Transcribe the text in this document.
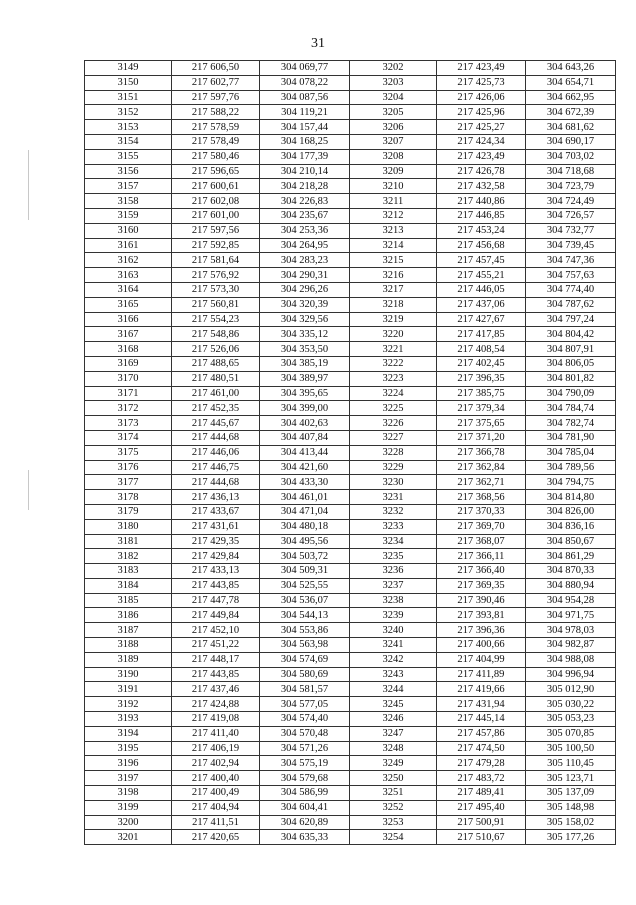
31
3149	217 606,50	304 069,77	3202	217 423,49	304 643,26
3150	217 602,77	304 078,22	3203	217 425,73	304 654,71
3151	217 597,76	304 087,56	3204	217 426,06	304 662,95
3152	217 588,22	304 119,21	3205	217 425,96	304 672,39
3153	217 578,59	304 157,44	3206	217 425,27	304 681,62
3154	217 578,49	304 168,25	3207	217 424,34	304 690,17
3155	217 580,46	304 177,39	3208	217 423,49	304 703,02
3156	217 596,65	304 210,14	3209	217 426,78	304 718,68
3157	217 600,61	304 218,28	3210	217 432,58	304 723,79
3158	217 602,08	304 226,83	3211	217 440,86	304 724,49
3159	217 601,00	304 235,67	3212	217 446,85	304 726,57
3160	217 597,56	304 253,36	3213	217 453,24	304 732,77
3161	217 592,85	304 264,95	3214	217 456,68	304 739,45
3162	217 581,64	304 283,23	3215	217 457,45	304 747,36
3163	217 576,92	304 290,31	3216	217 455,21	304 757,63
3164	217 573,30	304 296,26	3217	217 446,05	304 774,40
3165	217 560,81	304 320,39	3218	217 437,06	304 787,62
3166	217 554,23	304 329,56	3219	217 427,67	304 797,24
3167	217 548,86	304 335,12	3220	217 417,85	304 804,42
3168	217 526,06	304 353,50	3221	217 408,54	304 807,91
3169	217 488,65	304 385,19	3222	217 402,45	304 806,05
3170	217 480,51	304 389,97	3223	217 396,35	304 801,82
3171	217 461,00	304 395,65	3224	217 385,75	304 790,09
3172	217 452,35	304 399,00	3225	217 379,34	304 784,74
3173	217 445,67	304 402,63	3226	217 375,65	304 782,74
3174	217 444,68	304 407,84	3227	217 371,20	304 781,90
3175	217 446,06	304 413,44	3228	217 366,78	304 785,04
3176	217 446,75	304 421,60	3229	217 362,84	304 789,56
3177	217 444,68	304 433,30	3230	217 362,71	304 794,75
3178	217 436,13	304 461,01	3231	217 368,56	304 814,80
3179	217 433,67	304 471,04	3232	217 370,33	304 826,00
3180	217 431,61	304 480,18	3233	217 369,70	304 836,16
3181	217 429,35	304 495,56	3234	217 368,07	304 850,67
3182	217 429,84	304 503,72	3235	217 366,11	304 861,29
3183	217 433,13	304 509,31	3236	217 366,40	304 870,33
3184	217 443,85	304 525,55	3237	217 369,35	304 880,94
3185	217 447,78	304 536,07	3238	217 390,46	304 954,28
3186	217 449,84	304 544,13	3239	217 393,81	304 971,75
3187	217 452,10	304 553,86	3240	217 396,36	304 978,03
3188	217 451,22	304 563,98	3241	217 400,66	304 982,87
3189	217 448,17	304 574,69	3242	217 404,99	304 988,08
3190	217 443,85	304 580,69	3243	217 411,89	304 996,94
3191	217 437,46	304 581,57	3244	217 419,66	305 012,90
3192	217 424,88	304 577,05	3245	217 431,94	305 030,22
3193	217 419,08	304 574,40	3246	217 445,14	305 053,23
3194	217 411,40	304 570,48	3247	217 457,86	305 070,85
3195	217 406,19	304 571,26	3248	217 474,50	305 100,50
3196	217 402,94	304 575,19	3249	217 479,28	305 110,45
3197	217 400,40	304 579,68	3250	217 483,72	305 123,71
3198	217 400,49	304 586,99	3251	217 489,41	305 137,09
3199	217 404,94	304 604,41	3252	217 495,40	305 148,98
3200	217 411,51	304 620,89	3253	217 500,91	305 158,02
3201	217 420,65	304 635,33	3254	217 510,67	305 177,26
